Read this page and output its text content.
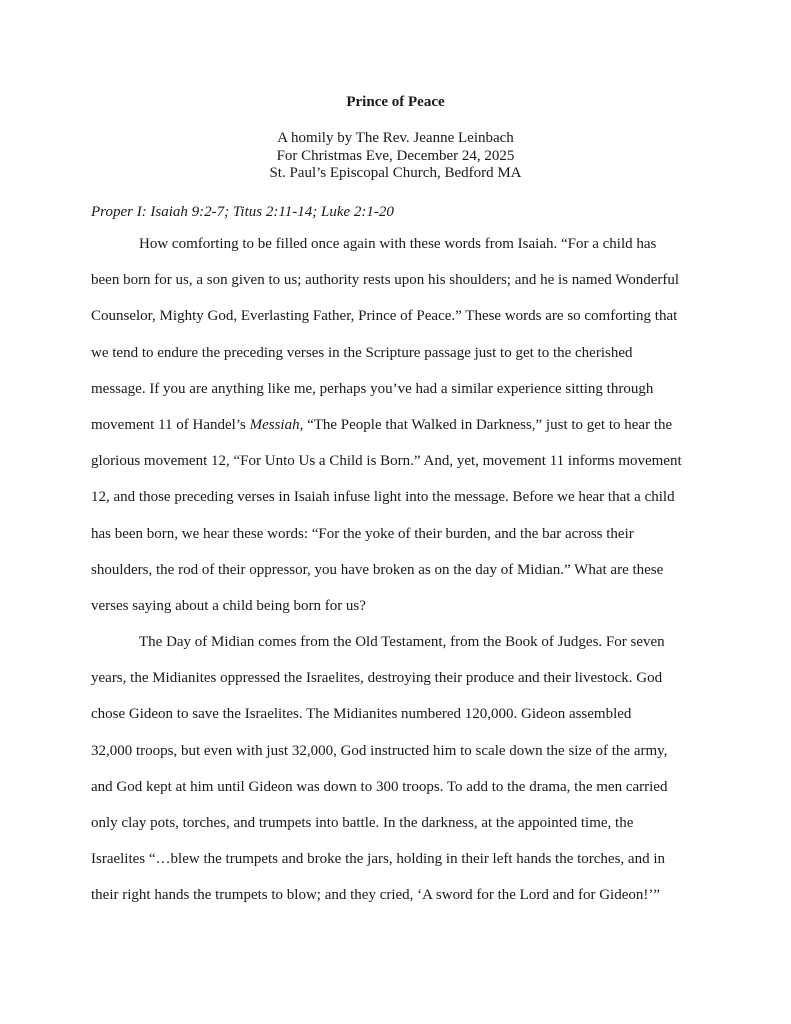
Prince of Peace
A homily by The Rev. Jeanne Leinbach
For Christmas Eve, December 24, 2025
St. Paul’s Episcopal Church, Bedford MA
Proper I: Isaiah 9:2-7; Titus 2:11-14; Luke 2:1-20
How comforting to be filled once again with these words from Isaiah. “For a child has
been born for us, a son given to us; authority rests upon his shoulders; and he is named Wonderful
Counselor, Mighty God, Everlasting Father, Prince of Peace.” These words are so comforting that
we tend to endure the preceding verses in the Scripture passage just to get to the cherished
message. If you are anything like me, perhaps you’ve had a similar experience sitting through
movement 11 of Handel’s Messiah, “The People that Walked in Darkness,” just to get to hear the
glorious movement 12, “For Unto Us a Child is Born.” And, yet, movement 11 informs movement
12, and those preceding verses in Isaiah infuse light into the message. Before we hear that a child
has been born, we hear these words: “For the yoke of their burden, and the bar across their
shoulders, the rod of their oppressor, you have broken as on the day of Midian.” What are these
verses saying about a child being born for us?
The Day of Midian comes from the Old Testament, from the Book of Judges. For seven
years, the Midianites oppressed the Israelites, destroying their produce and their livestock. God
chose Gideon to save the Israelites. The Midianites numbered 120,000. Gideon assembled
32,000 troops, but even with just 32,000, God instructed him to scale down the size of the army,
and God kept at him until Gideon was down to 300 troops. To add to the drama, the men carried
only clay pots, torches, and trumpets into battle. In the darkness, at the appointed time, the
Israelites “…blew the trumpets and broke the jars, holding in their left hands the torches, and in
their right hands the trumpets to blow; and they cried, ‘A sword for the Lord and for Gideon!’”
